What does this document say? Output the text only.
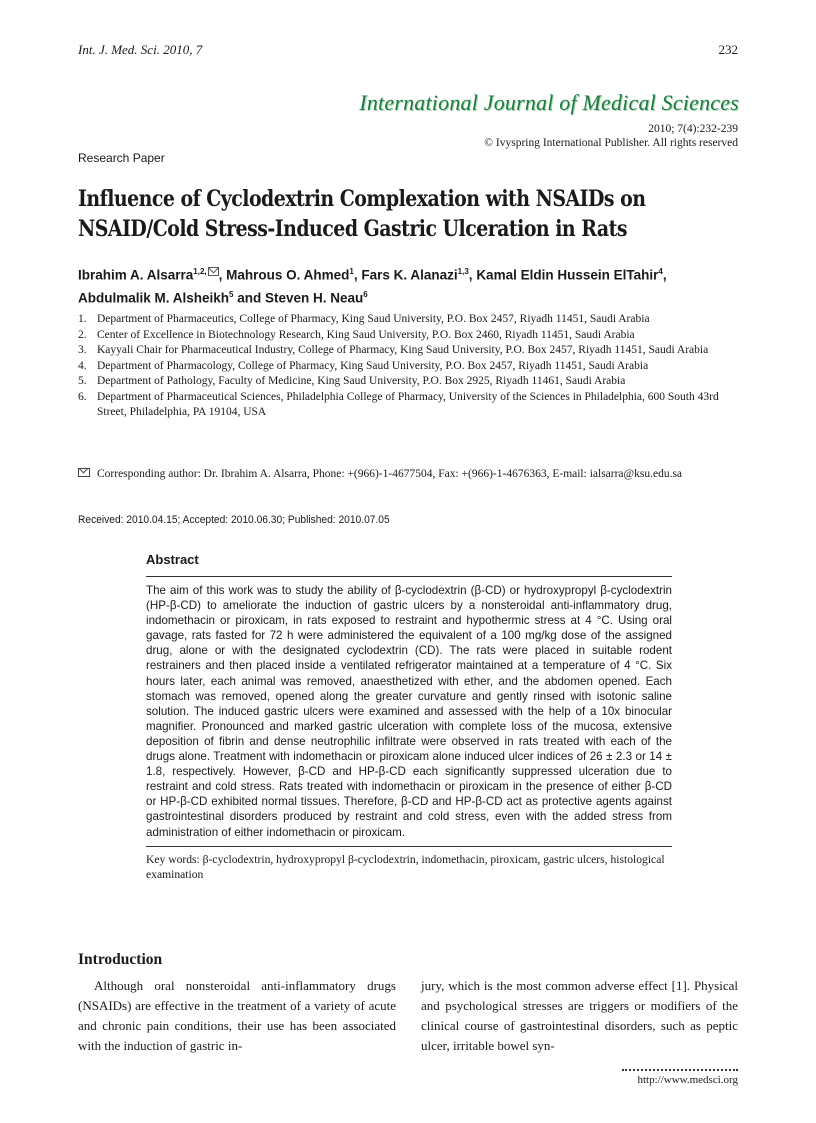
Int. J. Med. Sci. 2010, 7	232
International Journal of Medical Sciences
2010; 7(4):232-239
© Ivyspring International Publisher. All rights reserved
Research Paper
Influence of Cyclodextrin Complexation with NSAIDs on NSAID/Cold Stress-Induced Gastric Ulceration in Rats
Ibrahim A. Alsarra$^{1,2,}$ , Mahrous O. Ahmed$^1$, Fars K. Alanazi$^{1,3}$, Kamal Eldin Hussein ElTahir$^4$, Abdulmalik M. Alsheikh$^5$ and Steven H. Neau$^6$
1. Department of Pharmaceutics, College of Pharmacy, King Saud University, P.O. Box 2457, Riyadh 11451, Saudi Arabia
2. Center of Excellence in Biotechnology Research, King Saud University, P.O. Box 2460, Riyadh 11451, Saudi Arabia
3. Kayyali Chair for Pharmaceutical Industry, College of Pharmacy, King Saud University, P.O. Box 2457, Riyadh 11451, Saudi Arabia
4. Department of Pharmacology, College of Pharmacy, King Saud University, P.O. Box 2457, Riyadh 11451, Saudi Arabia
5. Department of Pathology, Faculty of Medicine, King Saud University, P.O. Box 2925, Riyadh 11461, Saudi Arabia
6. Department of Pharmaceutical Sciences, Philadelphia College of Pharmacy, University of the Sciences in Philadelphia, 600 South 43rd Street, Philadelphia, PA 19104, USA
Corresponding author: Dr. Ibrahim A. Alsarra, Phone: +(966)-1-4677504, Fax: +(966)-1-4676363, E-mail: ialsarra@ksu.edu.sa
Received: 2010.04.15; Accepted: 2010.06.30; Published: 2010.07.05
Abstract
The aim of this work was to study the ability of β-cyclodextrin (β-CD) or hydroxypropyl β-cyclodextrin (HP-β-CD) to ameliorate the induction of gastric ulcers by a nonsteroidal anti-inflammatory drug, indomethacin or piroxicam, in rats exposed to restraint and hypothermic stress at 4 °C. Using oral gavage, rats fasted for 72 h were administered the equivalent of a 100 mg/kg dose of the assigned drug, alone or with the designated cyclodextrin (CD). The rats were placed in suitable rodent restrainers and then placed inside a ventilated refrigerator maintained at a temperature of 4 °C. Six hours later, each animal was removed, anaesthetized with ether, and the abdomen opened. Each stomach was removed, opened along the greater curvature and gently rinsed with isotonic saline solution. The induced gastric ulcers were examined and assessed with the help of a 10x binocular magnifier. Pronounced and marked gastric ulceration with complete loss of the mucosa, extensive deposition of fibrin and dense neutrophilic infiltrate were observed in rats treated with each of the drugs alone. Treatment with indomethacin or piroxicam alone induced ulcer indices of 26 ± 2.3 or 14 ± 1.8, respectively. However, β-CD and HP-β-CD each significantly suppressed ulceration due to restraint and cold stress. Rats treated with indomethacin or piroxicam in the presence of either β-CD or HP-β-CD exhibited normal tissues. Therefore, β-CD and HP-β-CD act as protective agents against gastrointestinal disorders produced by restraint and cold stress, even with the added stress from administration of either indomethacin or piroxicam.
Key words: β-cyclodextrin, hydroxypropyl β-cyclodextrin, indomethacin, piroxicam, gastric ulcers, histological examination
Introduction
Although oral nonsteroidal anti-inflammatory drugs (NSAIDs) are effective in the treatment of a variety of acute and chronic pain conditions, their use has been associated with the induction of gastric in-
jury, which is the most common adverse effect [1]. Physical and psychological stresses are triggers or modifiers of the clinical course of gastrointestinal disorders, such as peptic ulcer, irritable bowel syn-
http://www.medsci.org
